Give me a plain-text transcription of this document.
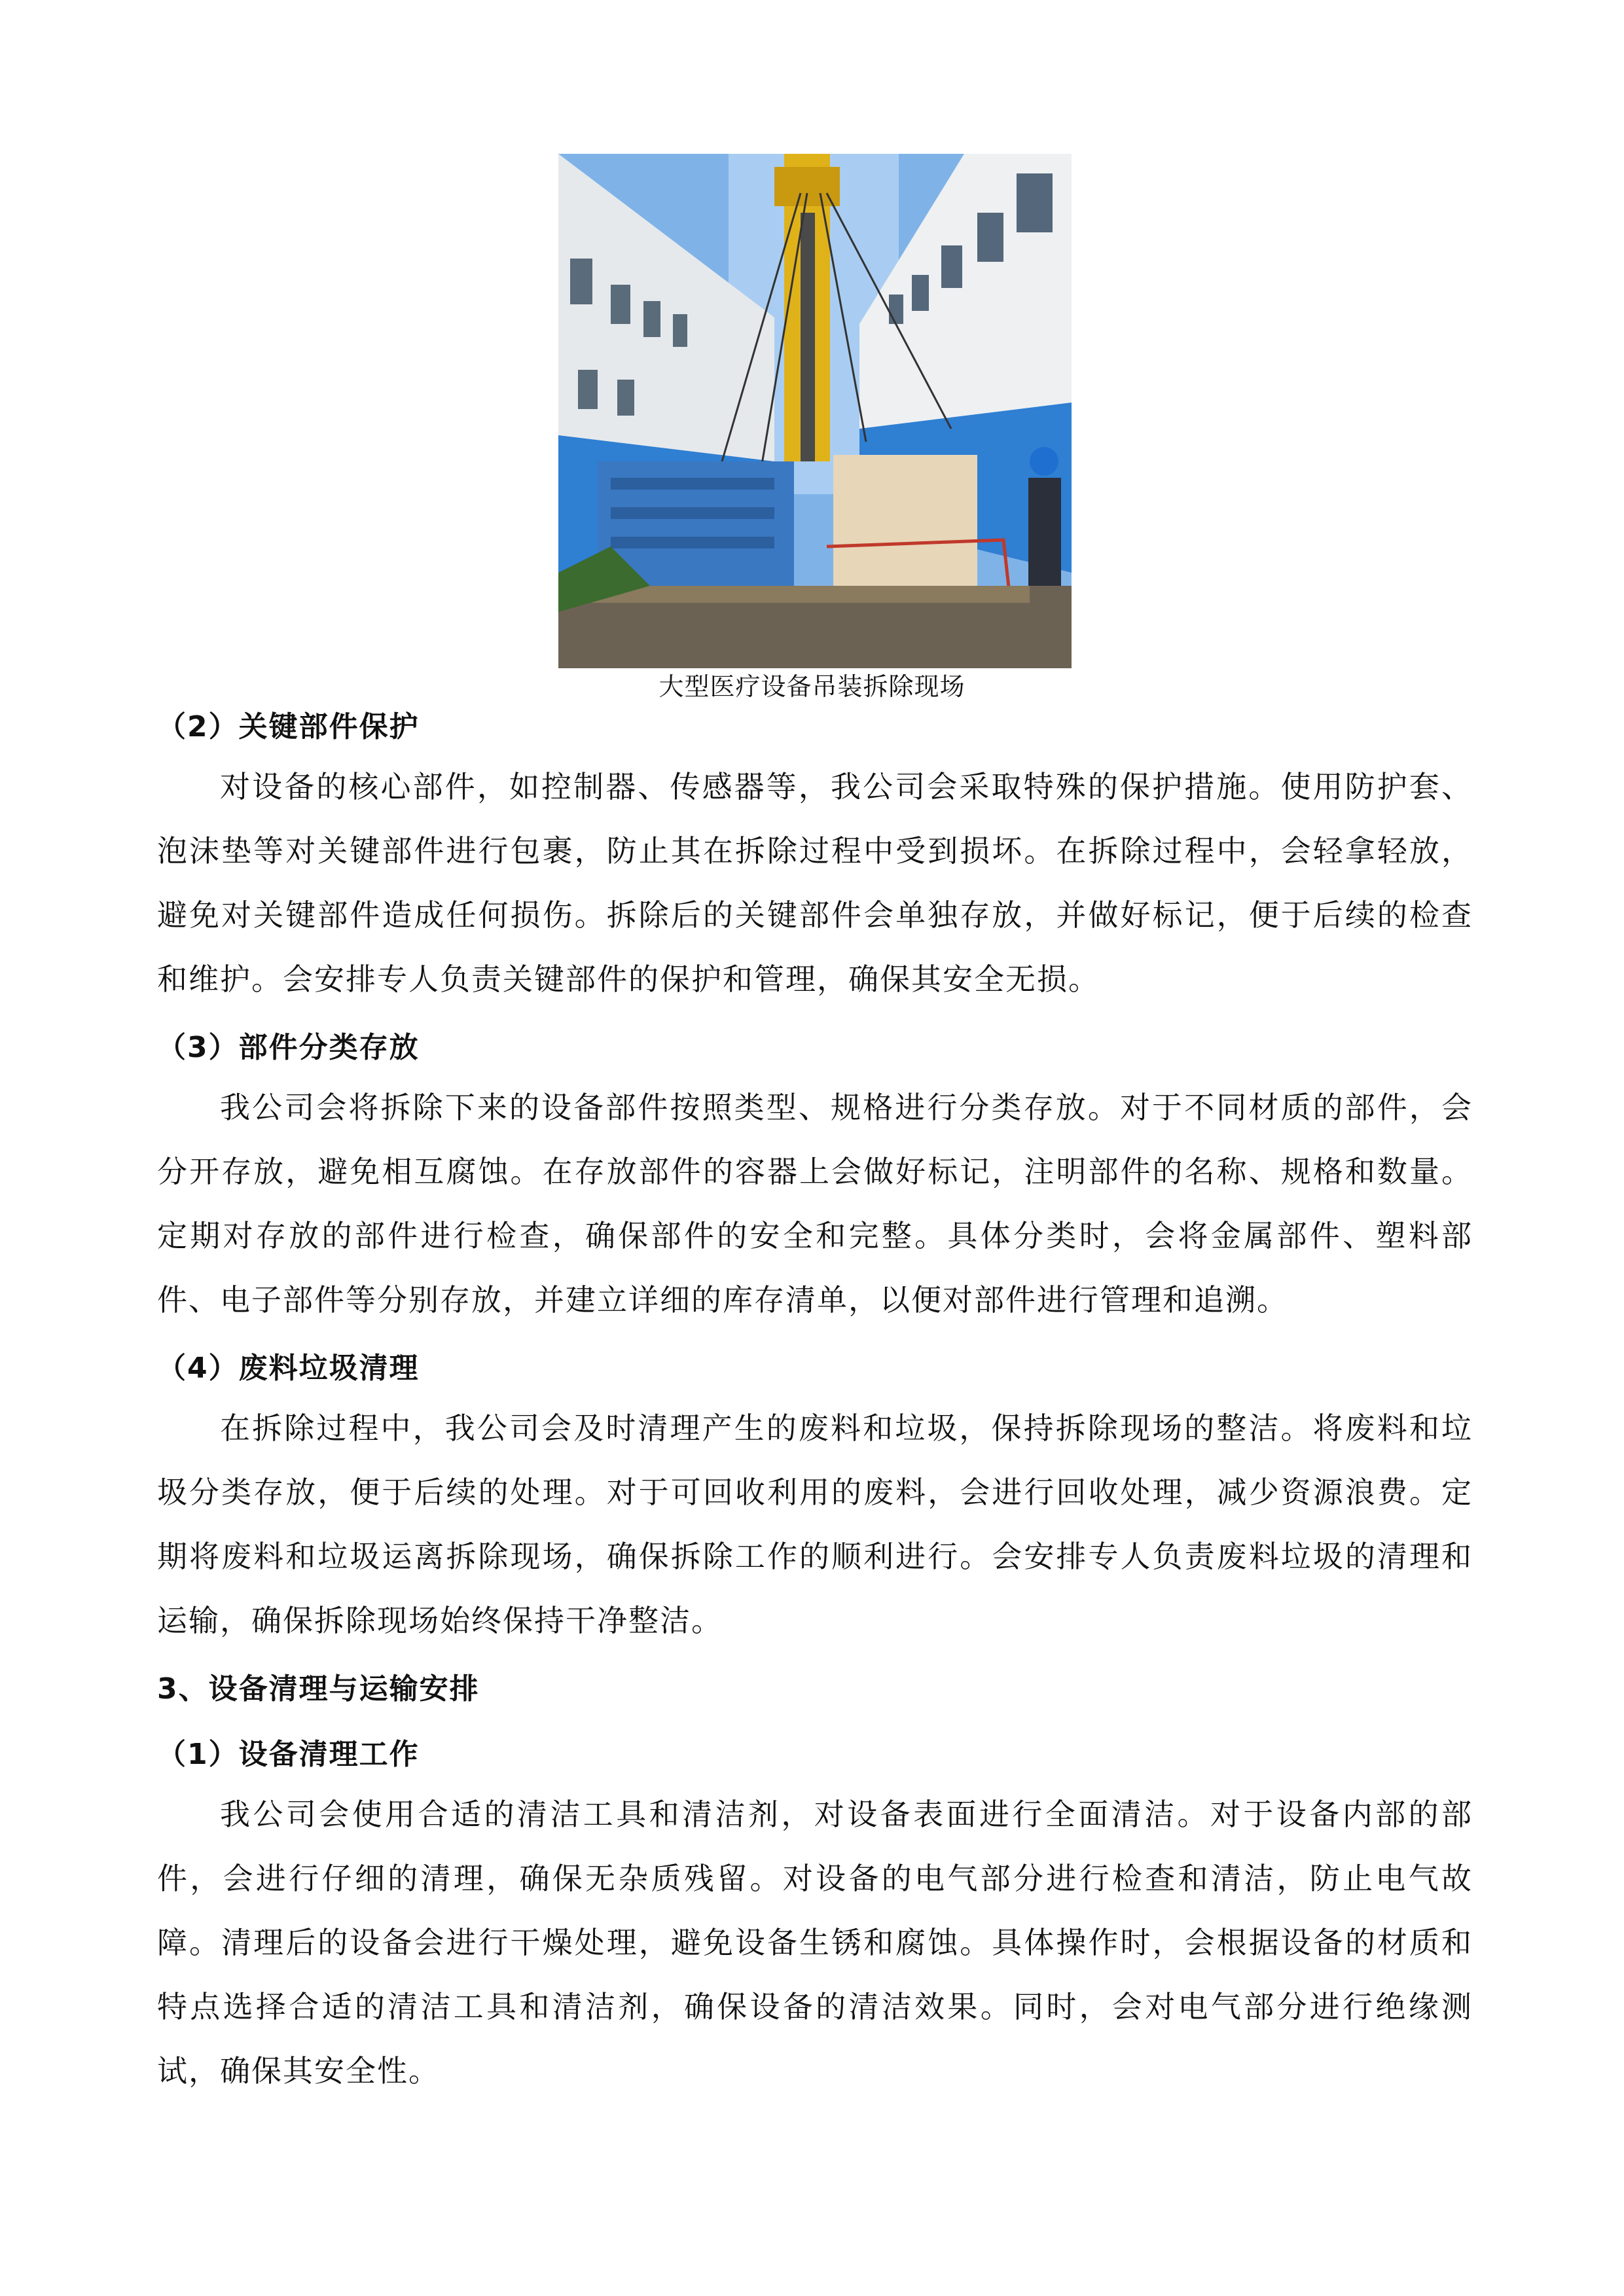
大型医疗设备吊装拆除现场
（2）关键部件保护

对设备的核心部件，如控制器、传感器等，我公司会采取特殊的保护措施。使用防护套、泡沫垫等对关键部件进行包裹，防止其在拆除过程中受到损坏。在拆除过程中，会轻拿轻放，避免对关键部件造成任何损伤。拆除后的关键部件会单独存放，并做好标记，便于后续的检查和维护。会安排专人负责关键部件的保护和管理，确保其安全无损。

（3）部件分类存放

我公司会将拆除下来的设备部件按照类型、规格进行分类存放。对于不同材质的部件，会分开存放，避免相互腐蚀。在存放部件的容器上会做好标记，注明部件的名称、规格和数量。定期对存放的部件进行检查，确保部件的安全和完整。具体分类时，会将金属部件、塑料部件、电子部件等分别存放，并建立详细的库存清单，以便对部件进行管理和追溯。

（4）废料垃圾清理

在拆除过程中，我公司会及时清理产生的废料和垃圾，保持拆除现场的整洁。将废料和垃圾分类存放，便于后续的处理。对于可回收利用的废料，会进行回收处理，减少资源浪费。定期将废料和垃圾运离拆除现场，确保拆除工作的顺利进行。会安排专人负责废料垃圾的清理和运输，确保拆除现场始终保持干净整洁。

3、设备清理与运输安排
（1）设备清理工作

我公司会使用合适的清洁工具和清洁剂，对设备表面进行全面清洁。对于设备内部的部件，会进行仔细的清理，确保无杂质残留。对设备的电气部分进行检查和清洁，防止电气故障。清理后的设备会进行干燥处理，避免设备生锈和腐蚀。具体操作时，会根据设备的材质和特点选择合适的清洁工具和清洁剂，确保设备的清洁效果。同时，会对电气部分进行绝缘测试，确保其安全性。
